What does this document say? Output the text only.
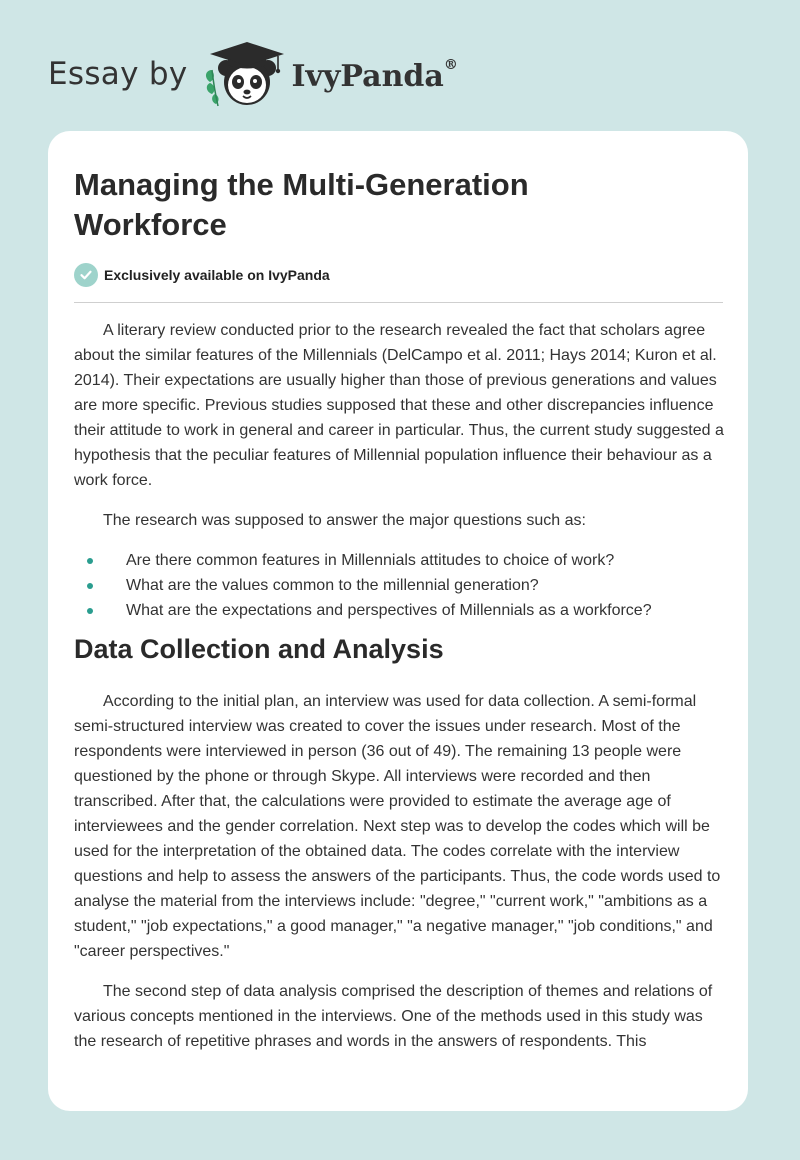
Essay by	IvyPanda®
Managing the Multi-Generation Workforce
Exclusively available on IvyPanda

A literary review conducted prior to the research revealed the fact that scholars agree about the similar features of the Millennials (DelCampo et al. 2011; Hays 2014; Kuron et al. 2014). Their expectations are usually higher than those of previous generations and values are more specific. Previous studies supposed that these and other discrepancies influence their attitude to work in general and career in particular. Thus, the current study suggested a hypothesis that the peculiar features of Millennial population influence their behaviour as a work force.

The research was supposed to answer the major questions such as:

Are there common features in Millennials attitudes to choice of work?
What are the values common to the millennial generation?
What are the expectations and perspectives of Millennials as a workforce?
Data Collection and Analysis

According to the initial plan, an interview was used for data collection. A semi-formal semi-structured interview was created to cover the issues under research. Most of the respondents were interviewed in person (36 out of 49). The remaining 13 people were questioned by the phone or through Skype. All interviews were recorded and then transcribed. After that, the calculations were provided to estimate the average age of interviewees and the gender correlation. Next step was to develop the codes which will be used for the interpretation of the obtained data. The codes correlate with the interview questions and help to assess the answers of the participants. Thus, the code words used to analyse the material from the interviews include: "degree," "current work," "ambitions as a student," "job expectations," a good manager," "a negative manager," "job conditions," and "career perspectives."

The second step of data analysis comprised the description of themes and relations of various concepts mentioned in the interviews. One of the methods used in this study was the research of repetitive phrases and words in the answers of respondents. This
